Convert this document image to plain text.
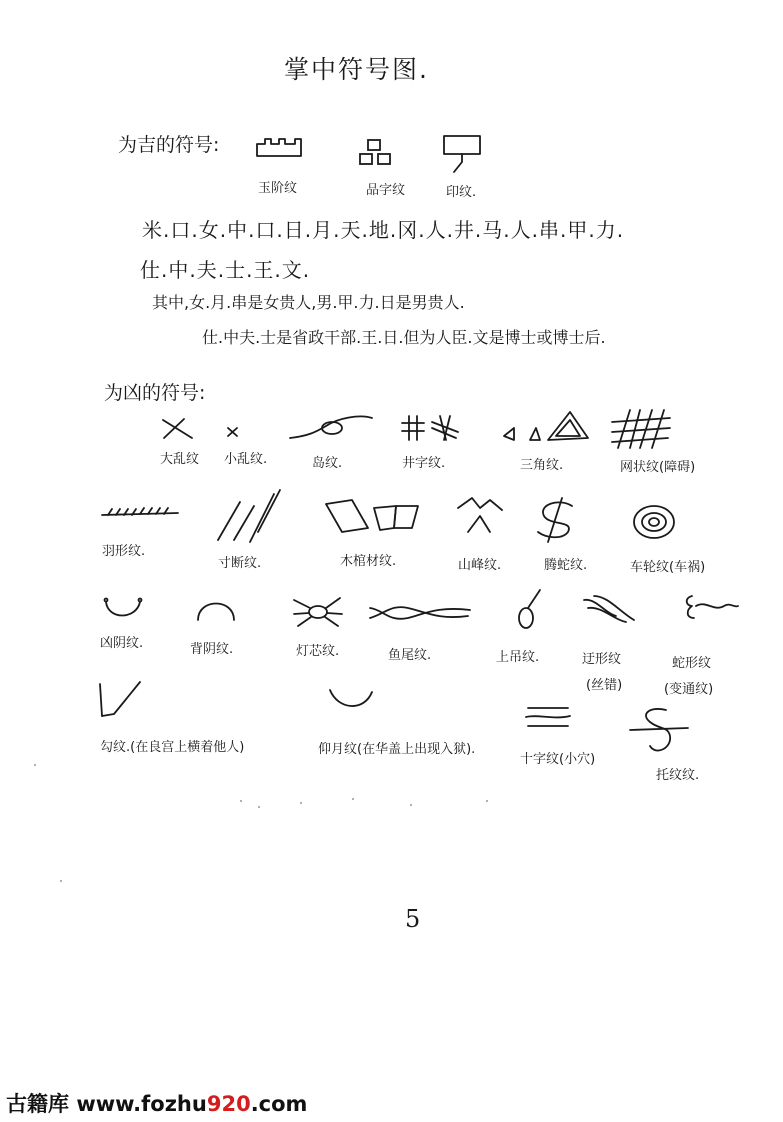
掌中符号图.
为吉的符号:
玉阶纹	品字纹	印纹.
米.口.女.中.口.日.月.天.地.冈.人.井.马.人.串.甲.力.
仕.中.夫.士.王.文.
其中,女.月.串是女贵人,男.甲.力.日是男贵人.
仕.中夫.士是省政干部.王.日.但为人臣.文是博士或博士后.
为凶的符号:
大乱纹 小乱纹.	岛纹.	井字纹.	三角纹.	网状纹(障碍)
羽形纹.
寸断纹.	木棺材纹.	山峰纹.	腾蛇纹.	车轮纹(车祸)
凶阴纹.	背阴纹.	灯芯纹.	鱼尾纹.	上吊纹.	迂形纹
(丝错)
蛇形纹
(变通纹)
勾纹.(在良宫上横着他人)	仰月纹(在华盖上出现入狱).
十字纹(小穴)
托纹纹.
5
古籍库 www.fozhu920.com
